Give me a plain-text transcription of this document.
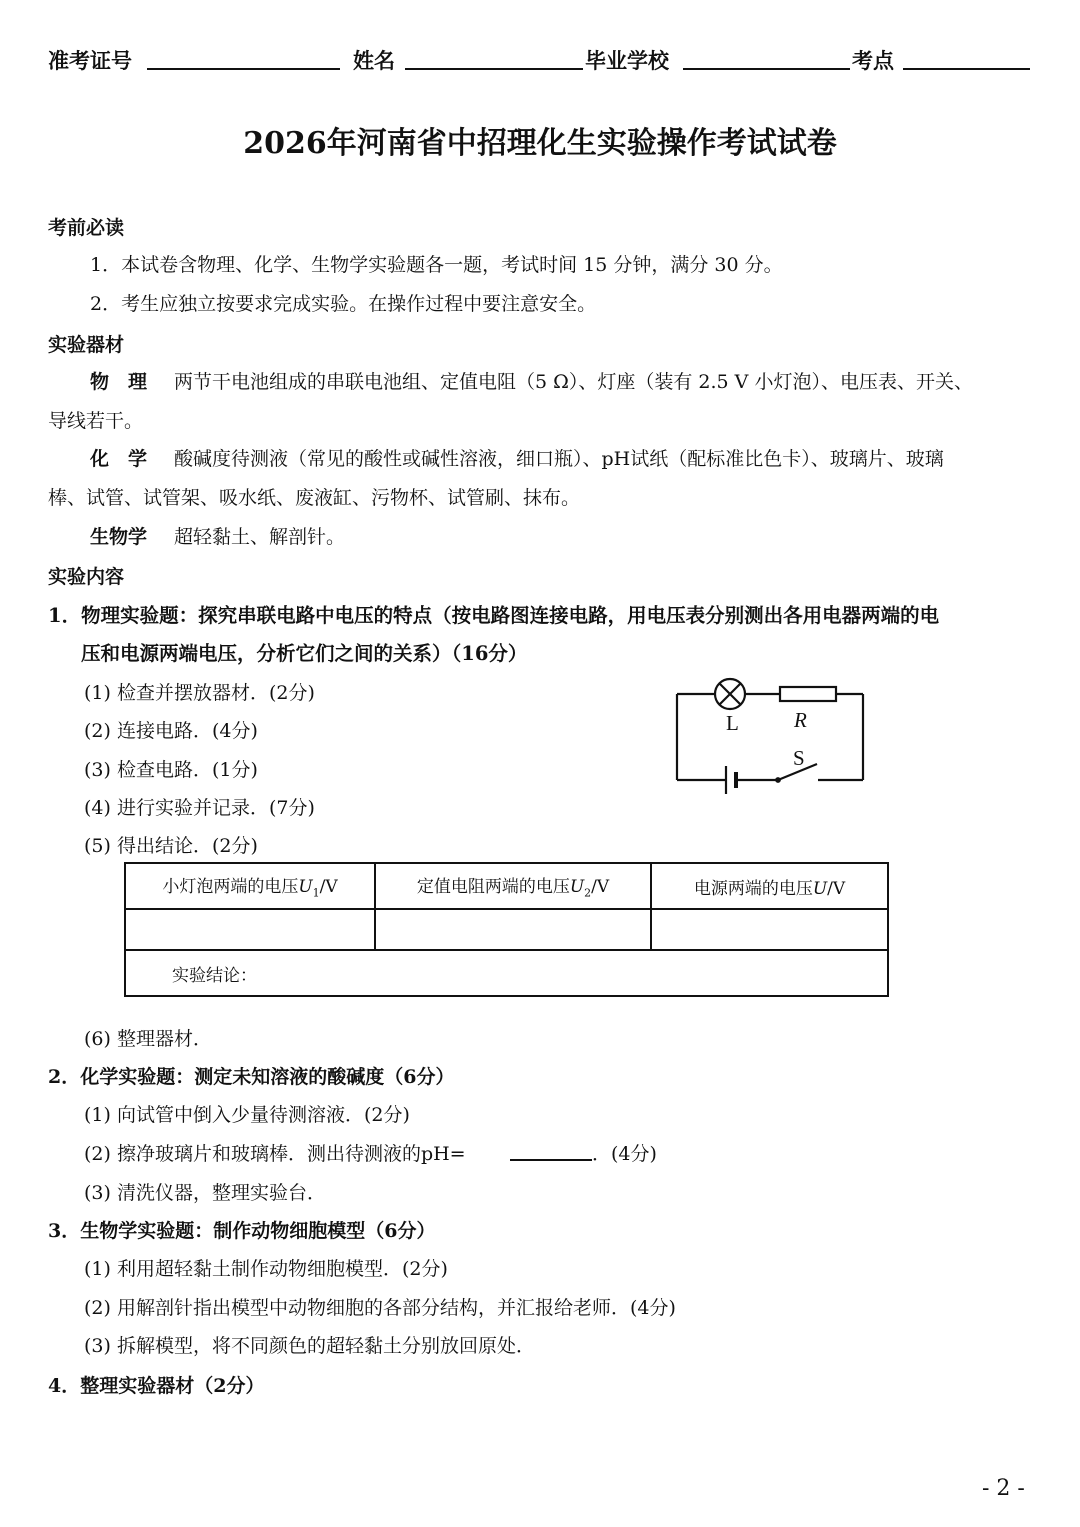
准考证号	姓名	毕业学校	考点
2026年河南省中招理化生实验操作考试试卷
考前必读
1．本试卷含物理、化学、生物学实验题各一题，考试时间 15 分钟，满分 30 分。
2．考生应独立按要求完成实验。在操作过程中要注意安全。
实验器材
物　理 两节干电池组成的串联电池组、定值电阻（5 Ω）、灯座（装有 2.5 V 小灯泡）、电压表、开关、
导线若干。
化　学 酸碱度待测液（常见的酸性或碱性溶液，细口瓶）、pH试纸（配标准比色卡）、玻璃片、玻璃
棒、试管、试管架、吸水纸、废液缸、污物杯、试管刷、抹布。
生物学 超轻黏土、解剖针。
实验内容
1．物理实验题：探究串联电路中电压的特点（按电路图连接电路，用电压表分别测出各用电器两端的电
压和电源两端电压，分析它们之间的关系）（16分）
(1) 检查并摆放器材．(2分)
(2) 连接电路．(4分)
(3) 检查电路．(1分)
(4) 进行实验并记录．(7分)
(5) 得出结论．(2分)
L	R
S
小灯泡两端的电压$U_1/V$	定值电阻两端的电压$U_2/V$	电源两端的电压U/V

实验结论：		
(6) 整理器材．
2．化学实验题：测定未知溶液的酸碱度（6分）
(1) 向试管中倒入少量待测溶液．(2分)
(2) 擦净玻璃片和玻璃棒．测出待测液的pH=	．(4分)
(3) 清洗仪器，整理实验台．
3．生物学实验题：制作动物细胞模型（6分）
(1) 利用超轻黏土制作动物细胞模型．(2分)
(2) 用解剖针指出模型中动物细胞的各部分结构，并汇报给老师．(4分)
(3) 拆解模型，将不同颜色的超轻黏土分别放回原处．
4．整理实验器材（2分）
- 2 -
